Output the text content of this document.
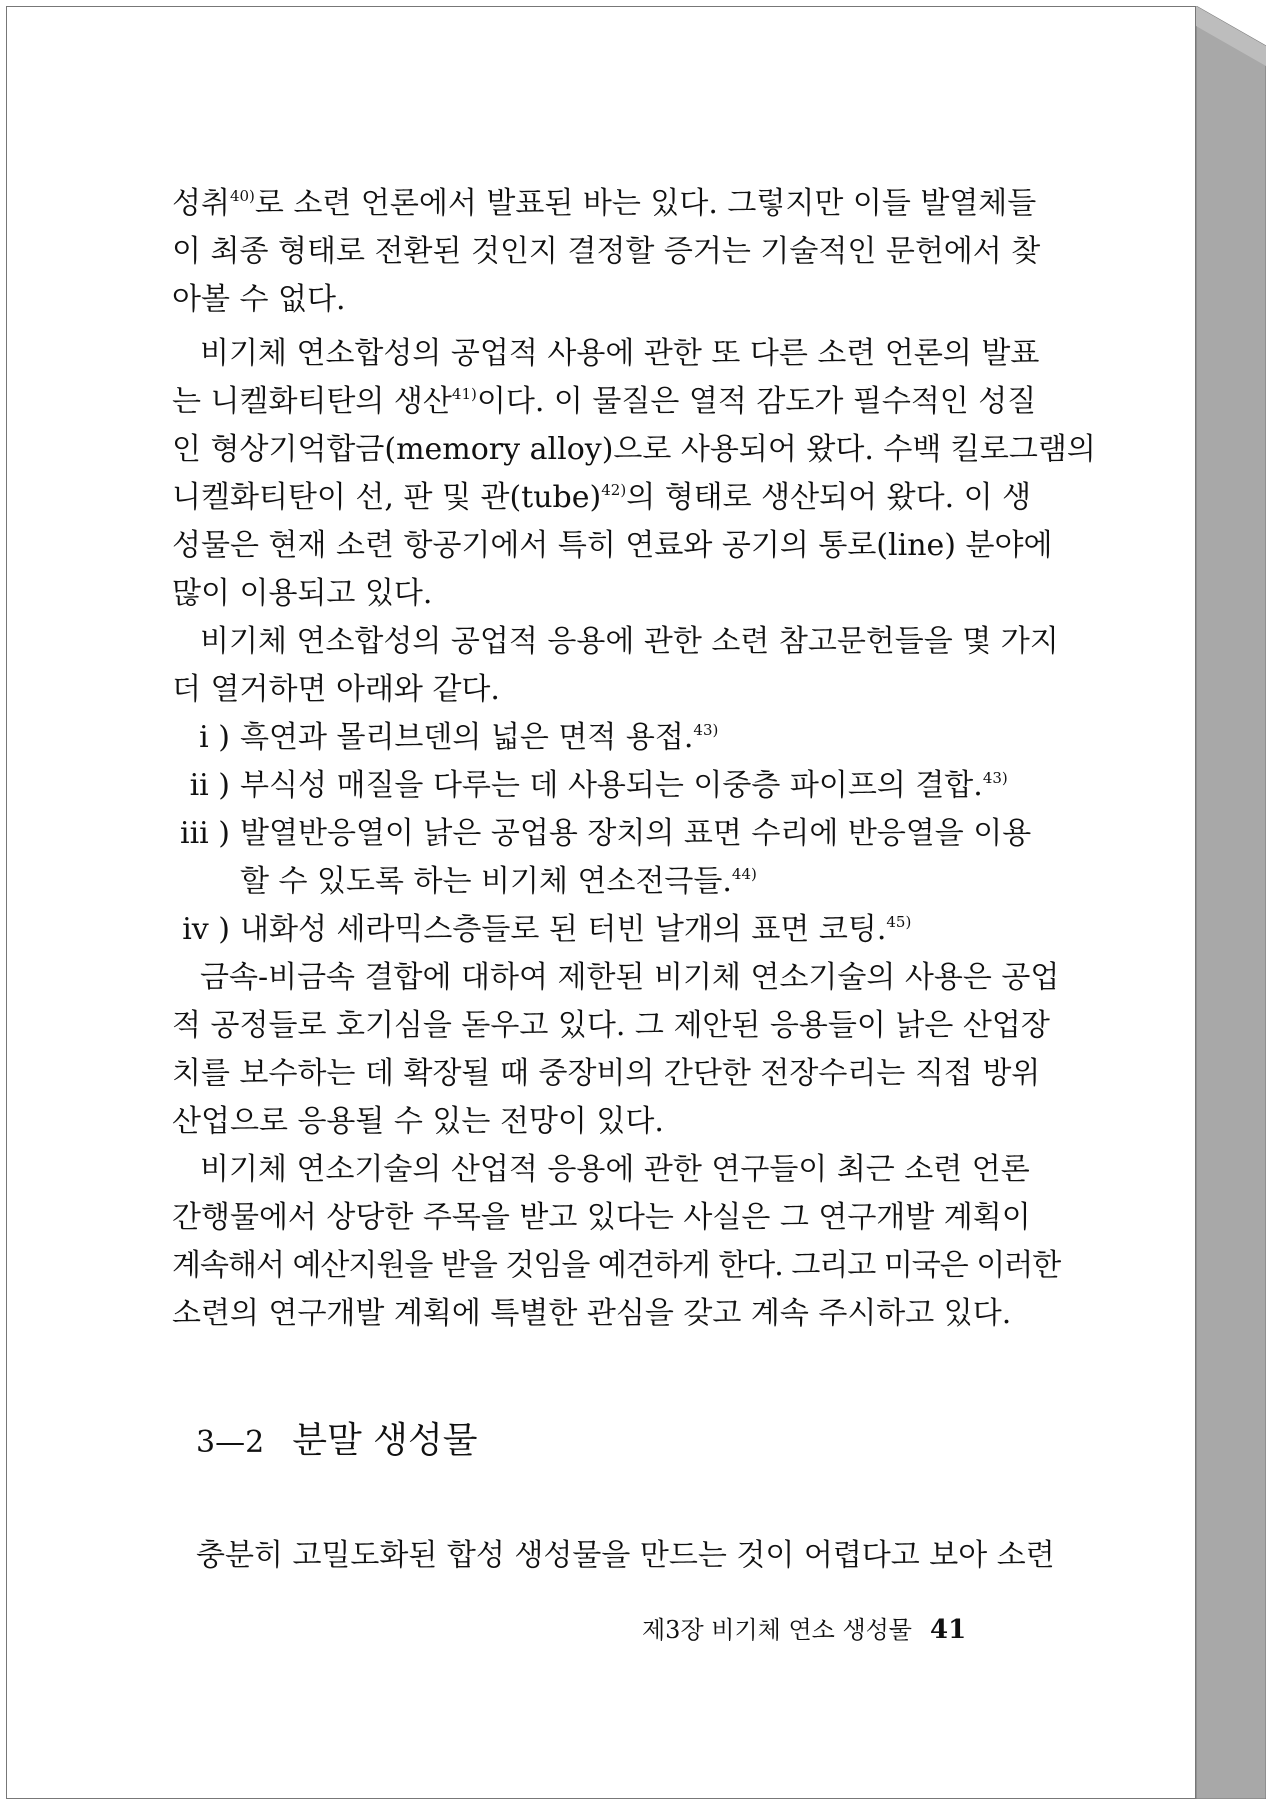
성취$^{40)}$로 소련 언론에서 발표된 바는 있다. 그렇지만 이들 발열체들
이 최종 형태로 전환된 것인지 결정할 증거는 기술적인 문헌에서 찾
아볼 수 없다.
비기체 연소합성의 공업적 사용에 관한 또 다른 소련 언론의 발표
는 니켈화티탄의 생산$^{41)}$이다. 이 물질은 열적 감도가 필수적인 성질
인 형상기억합금(memory alloy)으로 사용되어 왔다. 수백 킬로그램의
니켈화티탄이 선, 판 및 관(tube)$^{42)}$의 형태로 생산되어 왔다. 이 생
성물은 현재 소련 항공기에서 특히 연료와 공기의 통로(line) 분야에
많이 이용되고 있다.
비기체 연소합성의 공업적 응용에 관한 소련 참고문헌들을 몇 가지
더 열거하면 아래와 같다.
i ) 흑연과 몰리브덴의 넓은 면적 용접.$^{43)}$
ii ) 부식성 매질을 다루는 데 사용되는 이중층 파이프의 결합.$^{43)}$
iii ) 발열반응열이 낡은 공업용 장치의 표면 수리에 반응열을 이용
할 수 있도록 하는 비기체 연소전극들.$^{44)}$
iv ) 내화성 세라믹스층들로 된 터빈 날개의 표면 코팅.$^{45)}$
금속-비금속 결합에 대하여 제한된 비기체 연소기술의 사용은 공업
적 공정들로 호기심을 돋우고 있다. 그 제안된 응용들이 낡은 산업장
치를 보수하는 데 확장될 때 중장비의 간단한 전장수리는 직접 방위
산업으로 응용될 수 있는 전망이 있다.
비기체 연소기술의 산업적 응용에 관한 연구들이 최근 소련 언론
간행물에서 상당한 주목을 받고 있다는 사실은 그 연구개발 계획이
계속해서 예산지원을 받을 것임을 예견하게 한다. 그리고 미국은 이러한
소련의 연구개발 계획에 특별한 관심을 갖고 계속 주시하고 있다.
3—2 분말 생성물
충분히 고밀도화된 합성 생성물을 만드는 것이 어렵다고 보아 소련
제3장 비기체 연소 생성물 41
